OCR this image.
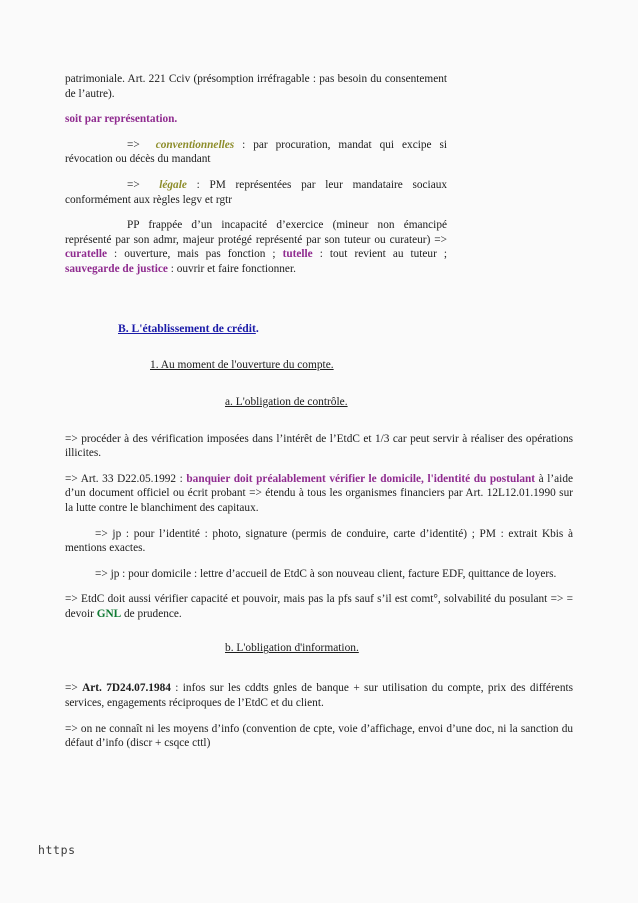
patrimoniale. Art. 221 Cciv (présomption irréfragable : pas besoin du consentement de l’autre).

soit par représentation.

=> conventionnelles : par procuration, mandat qui excipe si révocation ou décès du mandant

=> légale : PM représentées par leur mandataire sociaux conformément aux règles legv et rgtr

PP frappée d’un incapacité d’exercice (mineur non émancipé représenté par son admr, majeur protégé représenté par son tuteur ou curateur) => curatelle : ouverture, mais pas fonction ; tutelle : tout revient au tuteur ; sauvegarde de justice : ouvrir et faire fonctionner.

B. L'établissement de crédit.

1. Au moment de l'ouverture du compte.

a. L'obligation de contrôle.

=> procéder à des vérification imposées dans l’intérêt de l’EtdC et 1/3 car peut servir à réaliser des opérations illicites.

=> Art. 33 D22.05.1992 : banquier doit préalablement vérifier le domicile, l'identité du postulant à l’aide d’un document officiel ou écrit probant => étendu à tous les organismes financiers par Art. 12L12.01.1990 sur la lutte contre le blanchiment des capitaux.

=> jp : pour l’identité : photo, signature (permis de conduire, carte d’identité) ; PM : extrait Kbis à mentions exactes.

=> jp : pour domicile : lettre d’accueil de EtdC à son nouveau client, facture EDF, quittance de loyers.

=> EtdC doit aussi vérifier capacité et pouvoir, mais pas la pfs sauf s’il est comt°, solvabilité du posulant => = devoir GNL de prudence.

b. L'obligation d'information.

=> Art. 7D24.07.1984 : infos sur les cddts gnles de banque + sur utilisation du compte, prix des différents services, engagements réciproques de l’EtdC et du client.

=> on ne connaît ni les moyens d’info (convention de cpte, voie d’affichage, envoi d’une doc, ni la sanction du défaut d’info (discr + csqce cttl)

https
